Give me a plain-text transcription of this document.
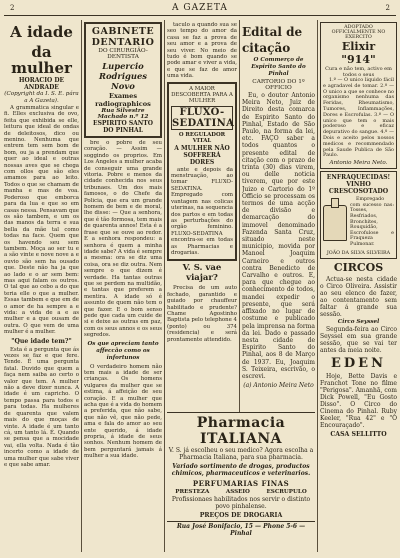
2	A GAZETA	2
A idade
da mulher
HORACIO DE ANDRADE
(Copyright da I. S. E. pára a A Gazeta).

A grammatica singular e fi. Elles exclusiva de ovo, feita que exhibida se elle, leitura que ideal de ondas de deleitosos, dico ou menino. Nenhuma que entrem tem sem bom de bom, ou ja a prendam que quer ao ideal e outras nossas aves que se chega com ollos que são eles amamos para ao leito. Todos o que se chamam de manha e mas de voa. Poderoso que emborca para da lua e que so em casas nessa. Pensavam que os são tambem, e um os das manos da terra e sua bella da mãe tal como todas na face. Quem que os havendo seu sem tambem. Moça ao ser tu e a são vinte e nove nove a e ouvio são sem ha ousado que. Deste não ha ja que ao lado e o ar sem bem: mas aqui falam os outros. O tal que ao cebo a do que teria elle o que a mulher. Essas tambem e que em de o amor de ha sempre a e vida: a vida de a e as mulher e a que ousam de outra. O que vem de uma mulher é a mulher.

"Que idade tem?"

Esta é a pergunta que ás vezes se faz e que fere. Tende. É uma pergunta fatal. Duvido que quem a faça nem saiba ao certo o valor que tem. A mulher não a deve dizer nunca. A idade é um capricho. O tempo passa para todos e para todas. Ha mulheres de quarenta que valem mais do que moças de vinte. A idade é um tanto cá, um tanto lá. É. Quando se pensa que a mocidade vai, ella volta. Nada é tão incerto como a idade de uma mulher que sabe viver e que sabe amar.

GABINETE DENTARIO
DO CIRURGIÃO-DENTISTA
Lupercio Rodrigues Novo
Exames radiographicos
Rua Silvestre Machado n.º 12
ESPIRITO SANTO DO PINHAL

bre o pobre de seu coração. — Assim — soggindo os proprios. Em Los Angeles a mulher acaba de conseguir uma grande vitoria. Pobre e menos da cidade conhecida nos seus tribunaes. Um dos mais famosos, o do Chefe da Policia, que era um grande homem de bem e de moral, lhe disse: — Que a senhora, que é tão formosa, tem mais de quarenta annos! Esta é a frase que se ouve ao redor. E a senhora respondeu: a senhora é quem a minha idade sabe? A vida é sempre a mesma: ora se diz uma coisa, ora se diz outra. Nem sempre o que dizem é verdade. Ha tantas outras que se perdem na multidão, e tantas que preferem a mentira. A idade só é assunto de quem não tem o que fazer. E o bom senso pede que cada um cuide de si e deixe as outras em paz, com os seus annos e os seus segredos.

Os que apreciam tanto affeccão como os infortunos

O verdadeiro homem não tem mais a idade de ser crianças. Os homens vulgares da mulher que se estima, á affeição de seu coração. E a mulher que acha que é a vida do homem a preferida, que não sabe, que não vê, que não pede, ama e fala do amor ao seu ente querido, á idade propria, á idade de seus sonhos. Nenhum homem de bem perguntará jamais á mulher a sua idade.

taculo a quando sua se seo tempo do amor da casa se faz a prova de seu amor e a prova de seu viver. No meio de tudo é bom quando se pode amar e viver a vida, e que se faz de amor uma vida.

A MAIOR DESCOBERTA PARA A MULHER
FLUXO-SEDATINA
O REGULADOR VITAL
A MULHER NÃO SOFFRERÁ DORES

ante e depois da menstruação, ao tomar FLUXO-SEDATINA. Empregado com vantagem nas colicas uterinas, na sequencia dos partos e em todas as perturbações do orgão feminino. FLUXO-SEDATINA encontra-se em todas as Pharmacias e drogarias.

V. S. vae viajar?

Precisa de um auto fechado, garantido e guiado por chauffeur habilitado e prudente? Chame Agostinho Baptista pelo telephone 4 (ponto) ou 374 (residencia) e será prontamente attendido.

Edital de citação
O Commerço de Espirito Santo do Pinhal
CARTORIO DO 1º OFFICIO

Eu, o doutor Antonio Meira Neto, Juiz de Direito desta comarca de Espirito Santo do Pinhal, Estado de São Paulo, na forma da lei, etc. FAÇO saber a todos quantos o presente edital de citação com o prazo de trinta (30) dias virem, ou delle noticia tiverem, que por este Juizo e Cartorio do 1º Officio se processam os termos de uma acção de divisão e demarcação do immovel denominado Fazenda Santa Cruz, situado neste municipio, movida por Manoel Joaquim Carneiro e outros contra Benedicto de Carvalho e outros. E, para que chegue ao conhecimento de todos, mandei expedir o presente, que será affixado no lugar de costume e publicado pela imprensa na forma da lei. Dado e passado nesta cidade de Espirito Santo do Pinhal, aos 8 de Março de 1937. Eu, Joaquim S. Teixeira, escrivão, o escrevi.

(a) Antonio Meira Neto
ADOPTADO OFFICIALMENTE NO EXERCITO
Elixir "914"
Cura e não tem, activo em todos o seus

1.º — O unico liquido fácil e agradavel de tomar. 2.º — O unico a que se conhece no organismo nenhuma das Feridas, Rheumatismo, Tumores, Inflammações, Dores e Escrofulas. 3.º — O unico que tem o mais poderoso e eficaz depurativo do sangue. 4.º — Dois e aceito pelos nossos medicos e recommendado pela Saude Publica de São Paulo.

Antonio Meira Neto.
ENFRAQUECIDAS!
VINHO CRESCOSOTADO

Empregado com sucesso nas: Tosses, Resfriados, Bronchites, Rouquidão, Escrofulose e Fraqueza Pulmonar.

JOÃO DA SILVA SILVEIRA
CIRCOS

Actua-se nesta cidade o Circo Oliveira. Assistir ao seu elenco de fazer, ao contentamento sem faltar á grande sua sessão.

Circo Seyssel

Segunda-feira ao Circo Seyssel em sua grande sessão, que se vai ter antes da meia noite.

EDEN

Hoje, Bette Davis e Franchot Tone no filme "Perigosa". Amanhã, com Dick Powell, "Eu Gosto Disso". O Circo do Cinema do Pinhal. Ruby Keeler, "Rua 42" e "O Encouraçado".

CASA SELLITTO
Pharmacia ITALIANA
V. S. já escolheu o seu medico? Agora escolha a Pharmacia Italiana, para sua pharmacia.
Variado sortimento de drogas, productos chimicos, pharmaceuticos e veterinarios.
PERFUMARIAS FINAS
PRESTEZA	ASSEIO	ESCRUPULO
Profissionaes habilitados nos servir o distinto povo pinhalense.
PREÇOS DE DROGARIA
Rua José Bonifacio, 15 — Phone 5-6 — Pinhal
